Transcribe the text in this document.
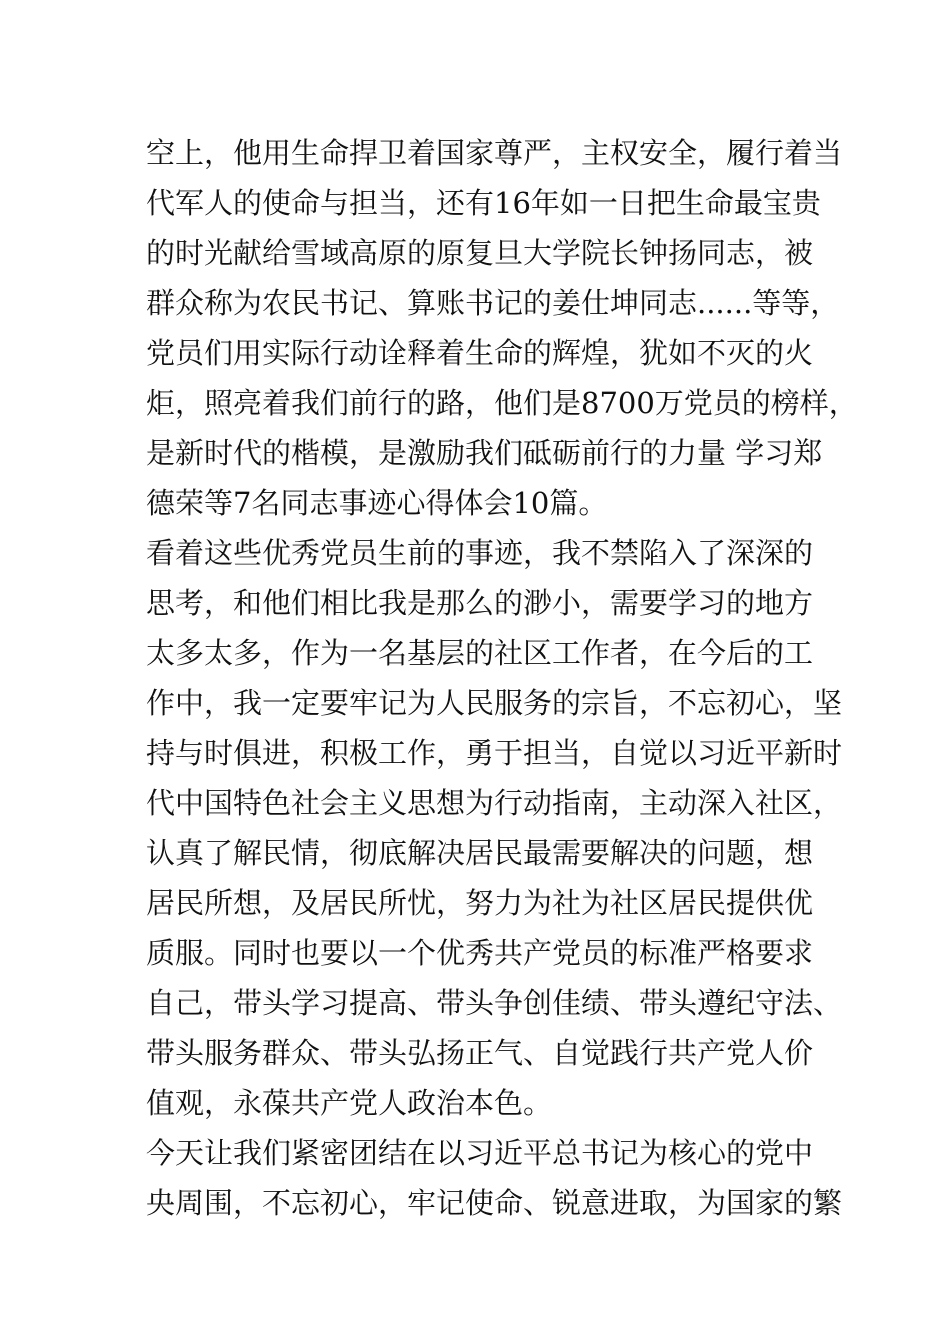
空上，他用生命捍卫着国家尊严，主权安全，履行着当
代军人的使命与担当，还有16年如一日把生命最宝贵
的时光献给雪域高原的原复旦大学院长钟扬同志，被
群众称为农民书记、算账书记的姜仕坤同志......等等，
党员们用实际行动诠释着生命的辉煌，犹如不灭的火
炬，照亮着我们前行的路，他们是8700万党员的榜样，
是新时代的楷模，是激励我们砥砺前行的力量 学习郑
德荣等7名同志事迹心得体会10篇。
看着这些优秀党员生前的事迹，我不禁陷入了深深的
思考，和他们相比我是那么的渺小，需要学习的地方
太多太多，作为一名基层的社区工作者，在今后的工
作中，我一定要牢记为人民服务的宗旨，不忘初心，坚
持与时俱进，积极工作，勇于担当，自觉以习近平新时
代中国特色社会主义思想为行动指南，主动深入社区，
认真了解民情，彻底解决居民最需要解决的问题，想
居民所想，及居民所忧，努力为社为社区居民提供优
质服。同时也要以一个优秀共产党员的标准严格要求
自己，带头学习提高、带头争创佳绩、带头遵纪守法、
带头服务群众、带头弘扬正气、自觉践行共产党人价
值观，永葆共产党人政治本色。
今天让我们紧密团结在以习近平总书记为核心的党中
央周围，不忘初心，牢记使命、锐意进取，为国家的繁
